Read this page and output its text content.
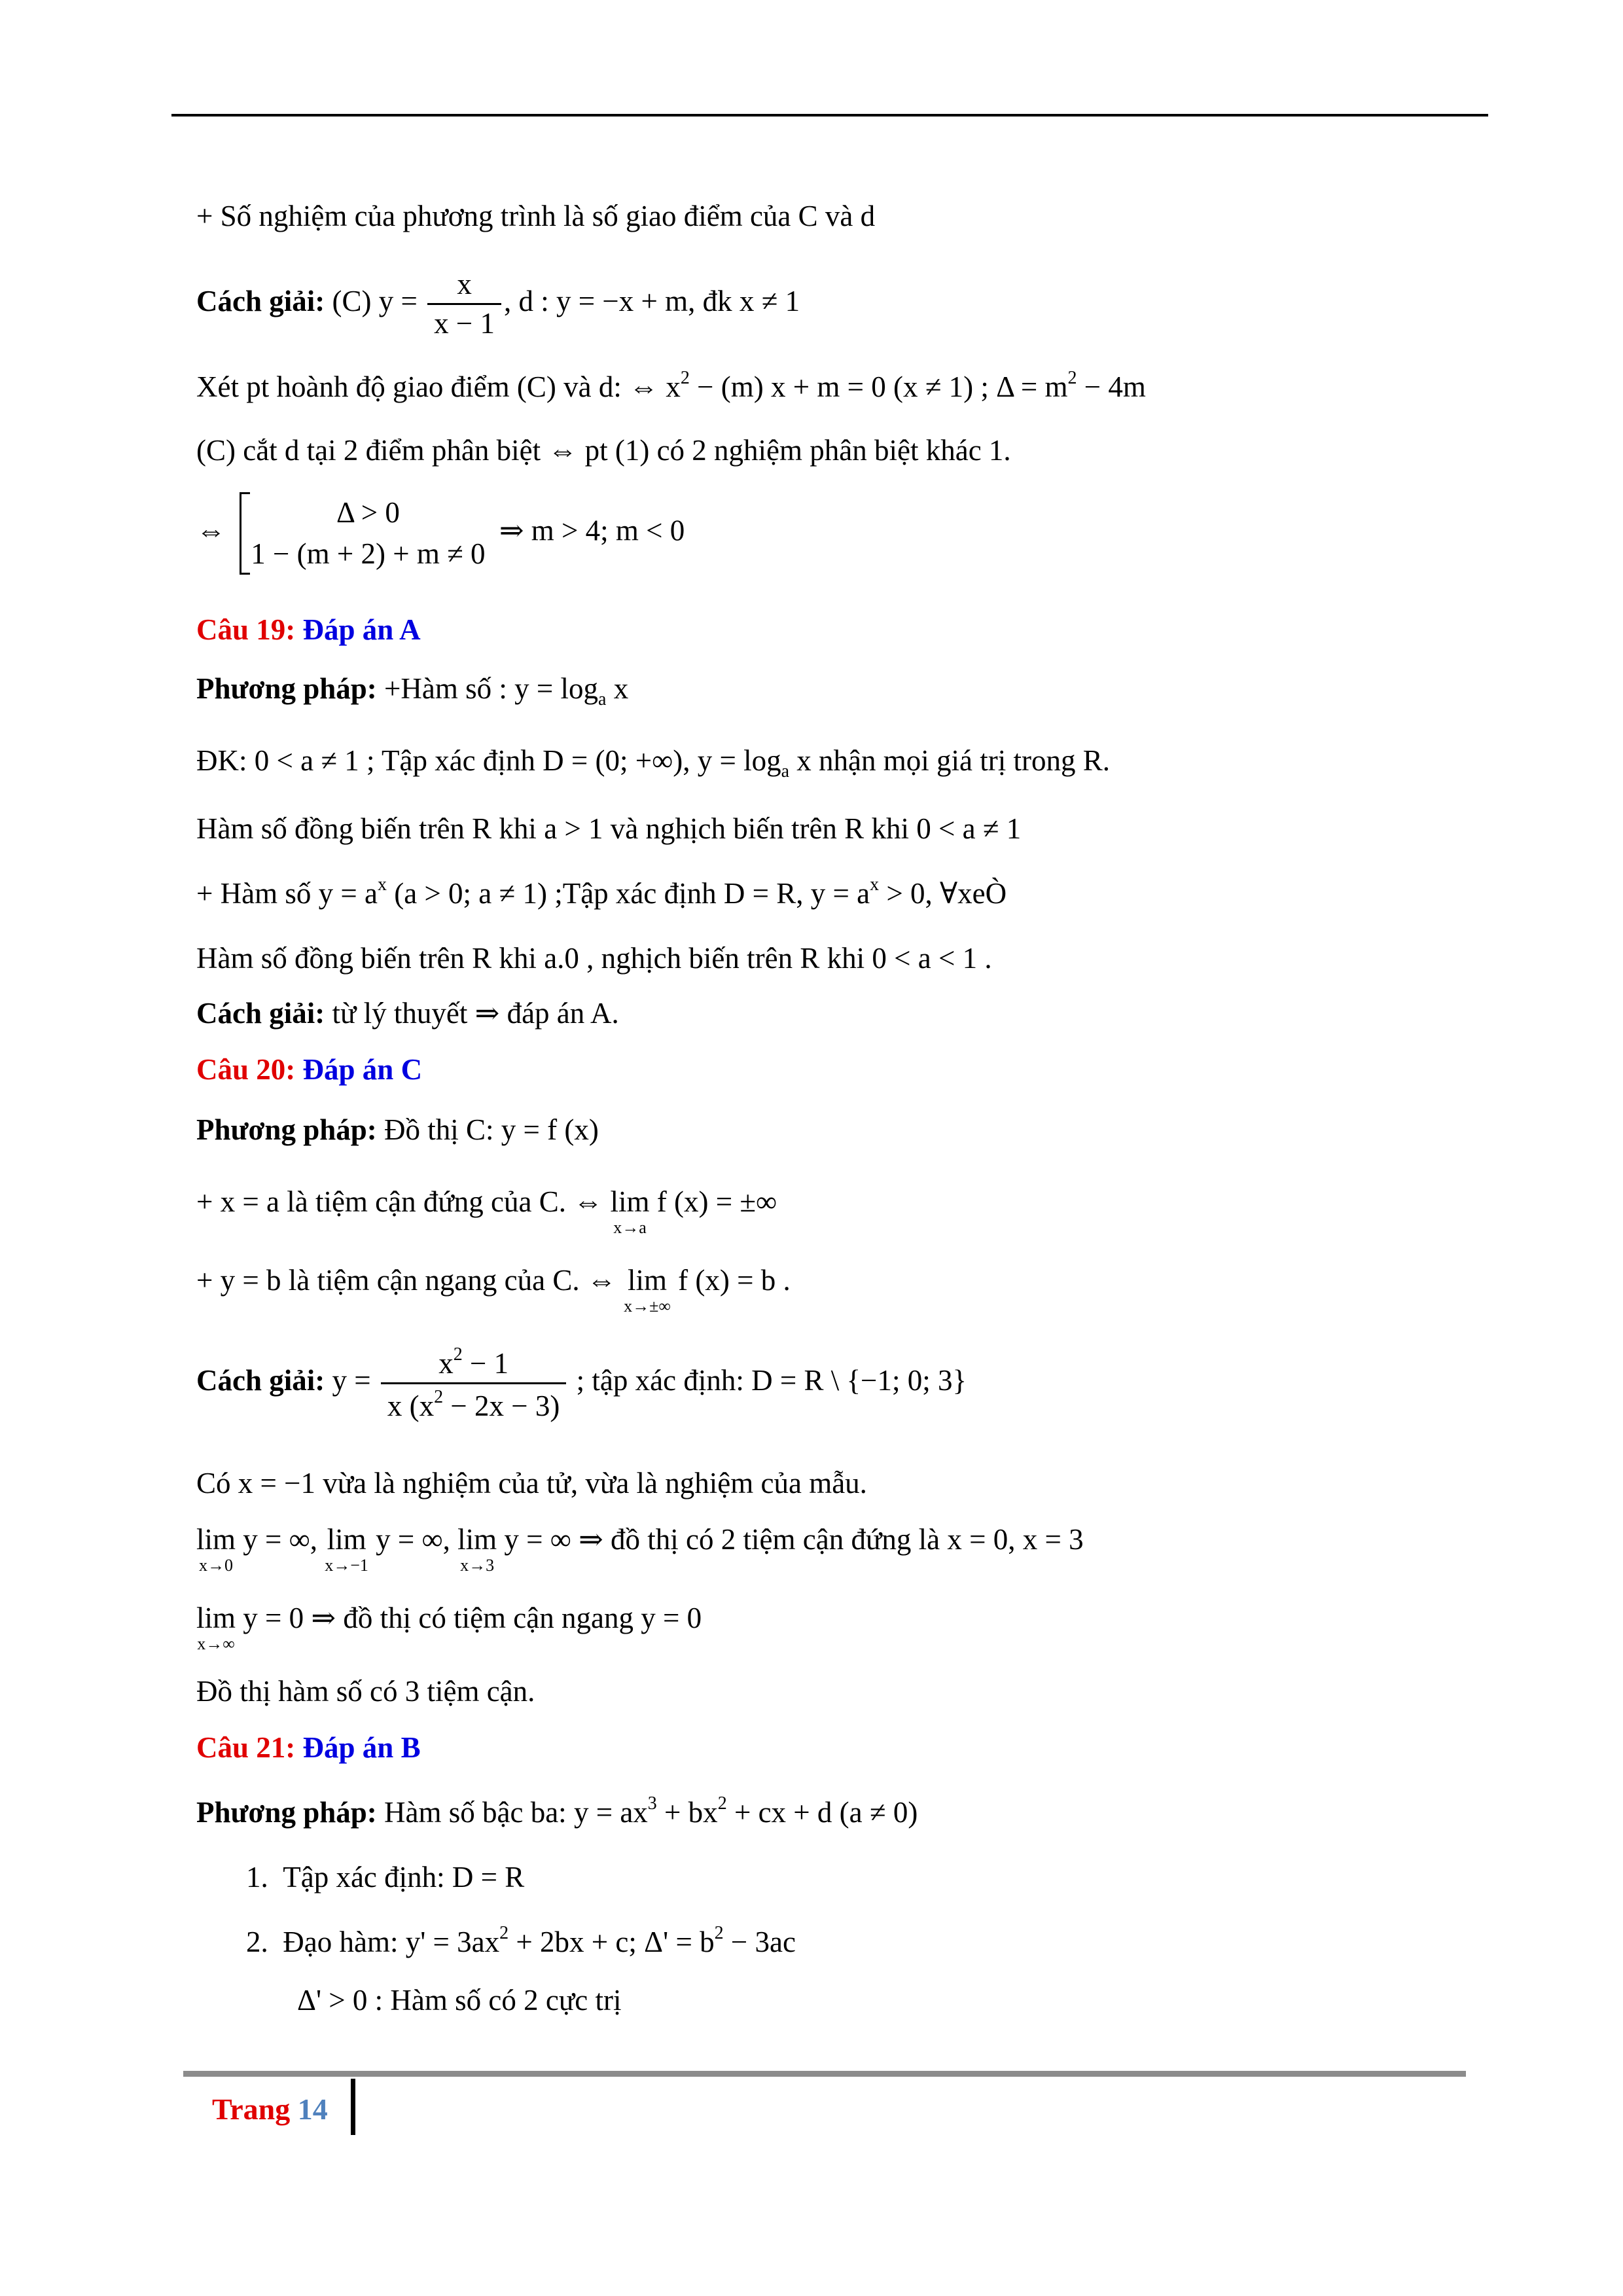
+ Số nghiệm của phương trình là số giao điểm của C và d
Cách giải: (C) $y = \frac{x}{x - 1}$ , d : y = −x + m, đk x ≠ 1
Xét pt hoành độ giao điểm (C) và d: ⇔ $x^2 - (m) x + m = 0$ (x ≠ 1) ; $\Delta = m^2 - 4m$
(C) cắt d tại 2 điểm phân biệt ⇔ pt (1) có 2 nghiệm phân biệt khác 1.
⇔
Δ > 0
1 − (m + 2) + m ≠ 0
⇒ m > 4; m < 0
Câu 19: Đáp án A
Phương pháp: +Hàm số : $y = \log_a x$
ĐK: 0 < a ≠ 1 ; Tập xác định D = (0; +∞), $y = \log_a x$ nhận mọi giá trị trong R.
Hàm số đồng biến trên R khi a > 1 và nghịch biến trên R khi 0 < a ≠ 1
+ Hàm số $y = a^x$ (a > 0; a ≠ 1) ;Tập xác định D = R, $y = a^x > 0$, ∀xeÒ
Hàm số đồng biến trên R khi a.0 , nghịch biến trên R khi 0 < a < 1 .
Cách giải: từ lý thuyết ⇒ đáp án A.
Câu 20: Đáp án C
Phương pháp: Đồ thị C: y = f (x)
+ x = a là tiệm cận đứng của C. ⇔ lim
x→a
f (x) = ±∞
+ y = b là tiệm cận ngang của C. ⇔ lim
x→±∞
f (x) = b .
Cách giải: $y = \frac{x^2 - 1}{x (x^2 - 2x - 3)}$ ; tập xác định: D = R \ {−1; 0; 3}
Có x = −1 vừa là nghiệm của tử, vừa là nghiệm của mẫu.
lim
x→0
y = ∞, lim
x→−1
y = ∞, lim
x→3
y = ∞ ⇒ đồ thị có 2 tiệm cận đứng là x = 0, x = 3
lim
x→∞
y = 0 ⇒ đồ thị có tiệm cận ngang y = 0
Đồ thị hàm số có 3 tiệm cận.
Câu 21: Đáp án B
Phương pháp: Hàm số bậc ba: $y = ax^3 + bx^2$ + cx + d (a ≠ 0)
1. Tập xác định: D = R
2. Đạo hàm: $y' = 3ax^2 + 2bx + c$; $\Delta' = b^2 - 3ac$
Δ' > 0 : Hàm số có 2 cực trị
Trang 14
